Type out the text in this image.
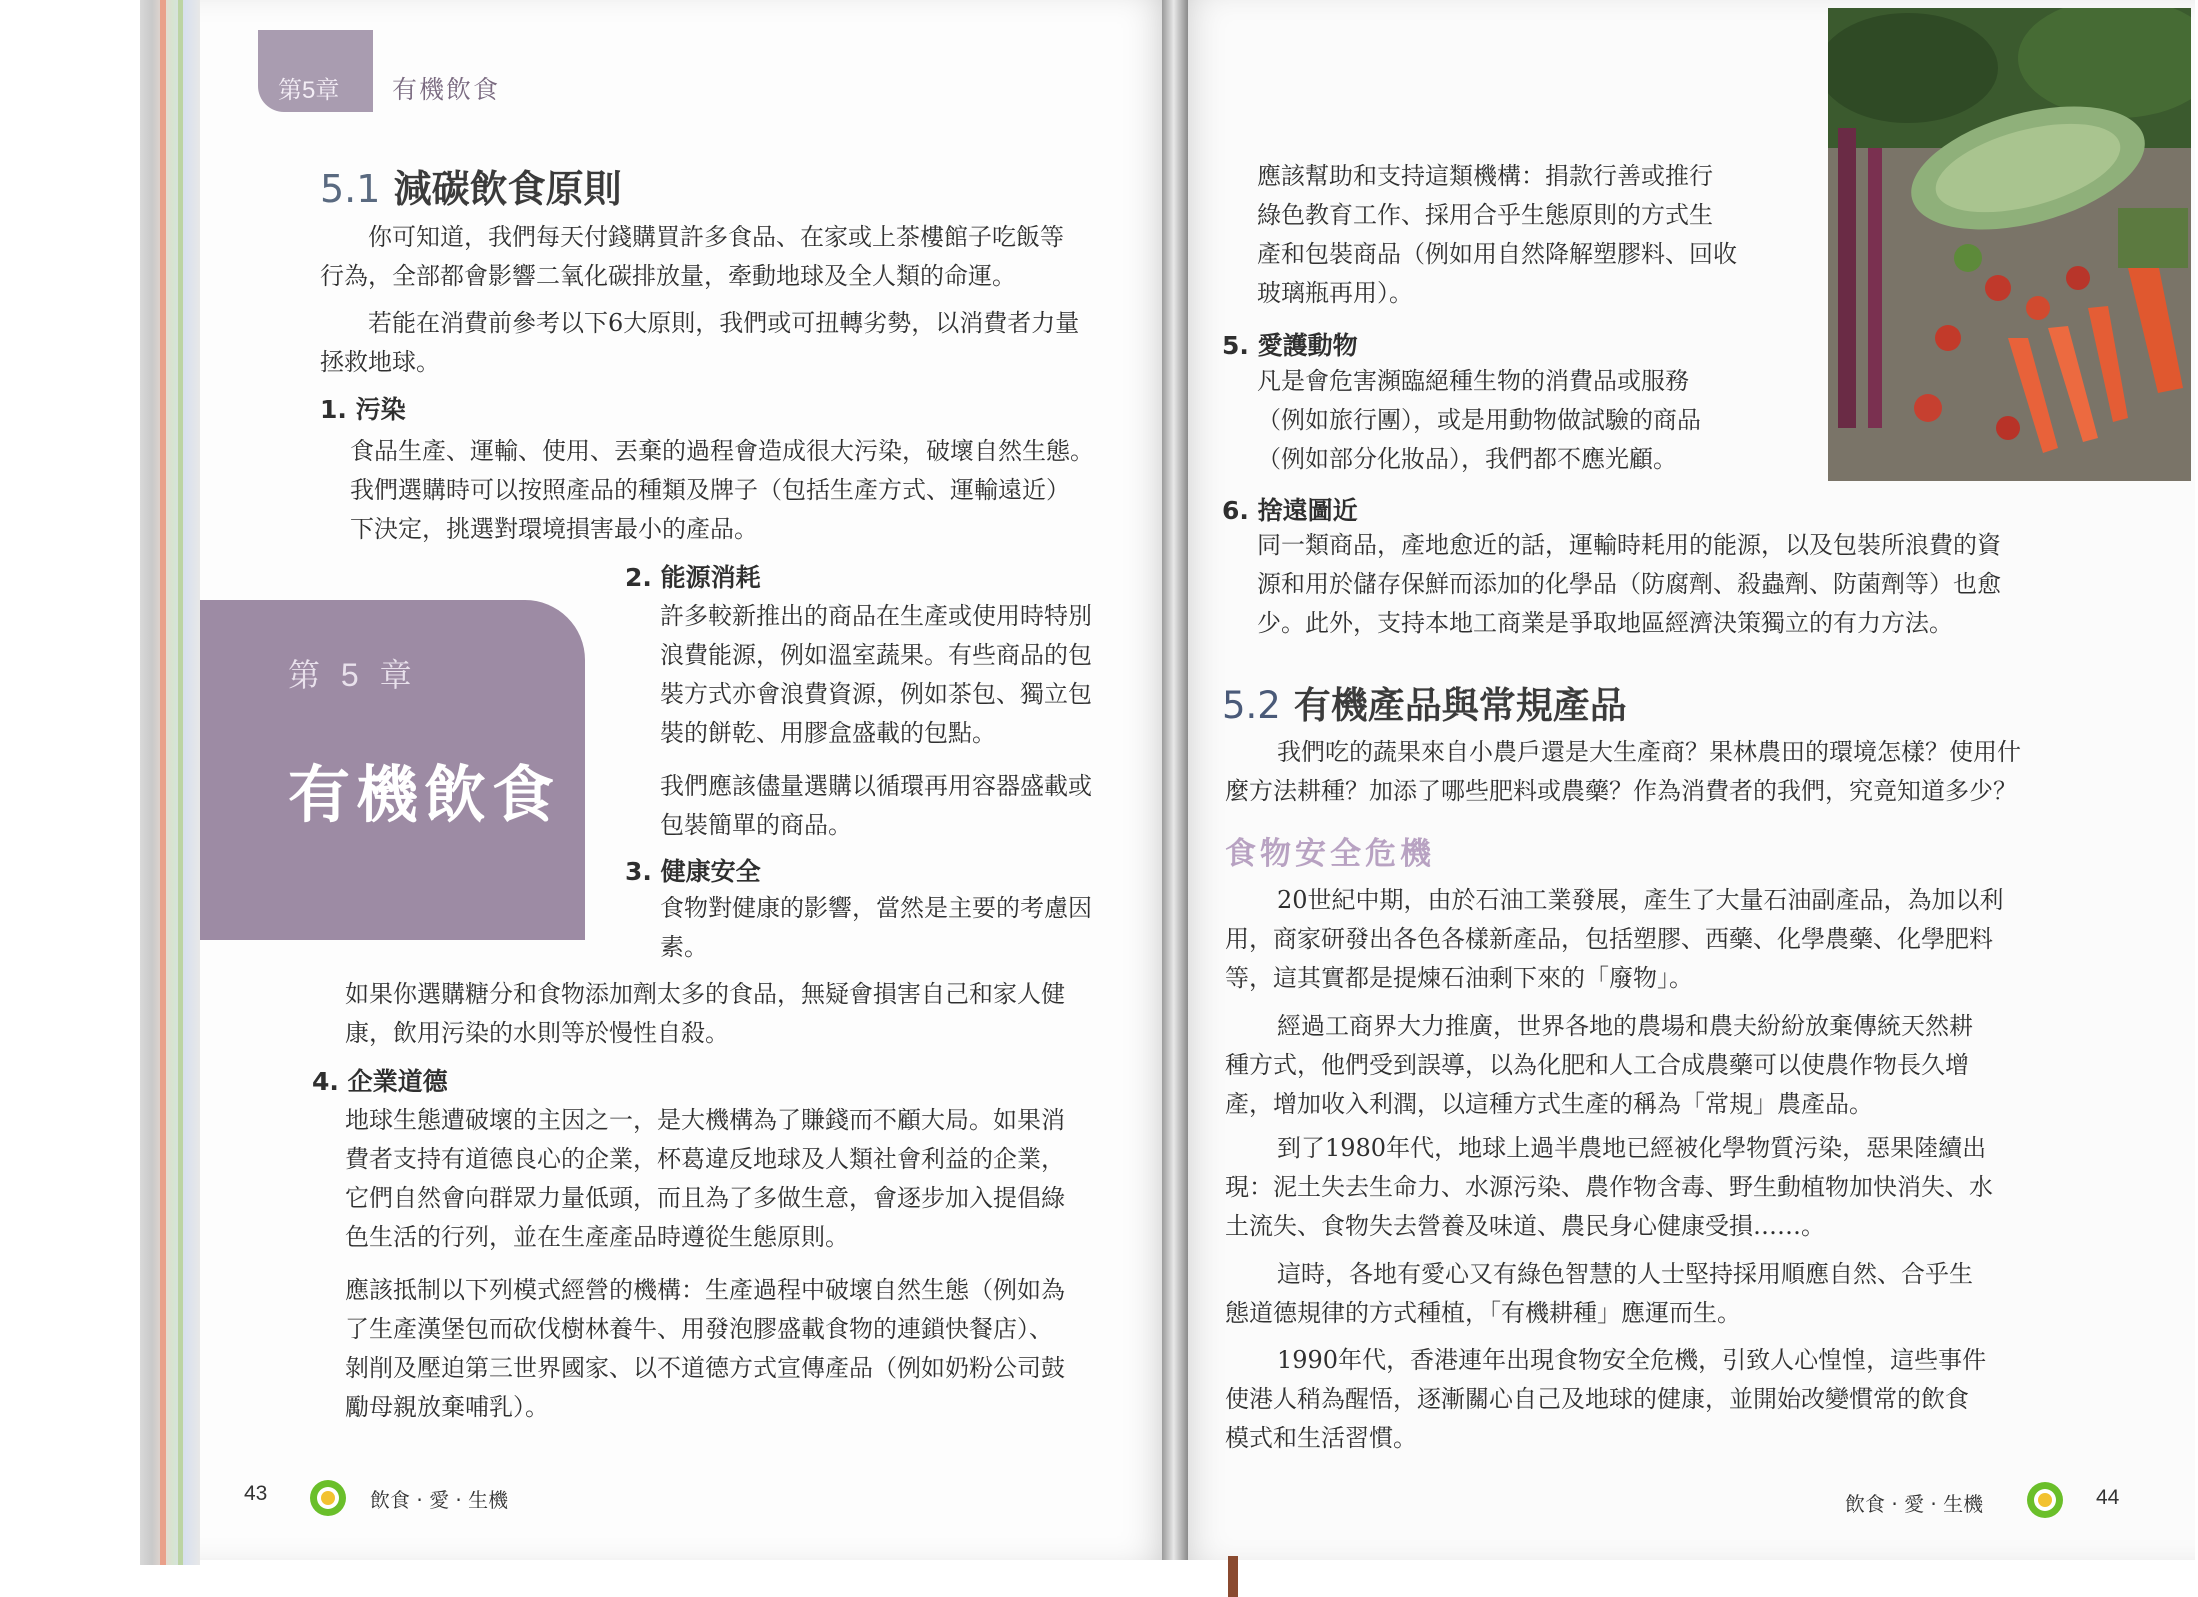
第5章 有機飲食
5.1 減碳飲食原則
你可知道，我們每天付錢購買許多食品、在家或上茶樓館子吃飯等
行為，全部都會影響二氧化碳排放量，牽動地球及全人類的命運。
若能在消費前參考以下6大原則，我們或可扭轉劣勢，以消費者力量
拯救地球。
1. 污染
食品生產、運輸、使用、丟棄的過程會造成很大污染，破壞自然生態。
我們選購時可以按照產品的種類及牌子（包括生產方式、運輸遠近）
下決定，挑選對環境損害最小的產品。
2. 能源消耗
許多較新推出的商品在生產或使用時特別
浪費能源，例如溫室蔬果。有些商品的包
裝方式亦會浪費資源，例如茶包、獨立包
裝的餅乾、用膠盒盛載的包點。
我們應該儘量選購以循環再用容器盛載或
包裝簡單的商品。
第 5 章
有機飲食
3. 健康安全
食物對健康的影響，當然是主要的考慮因
素。
如果你選購糖分和食物添加劑太多的食品，無疑會損害自己和家人健
康，飲用污染的水則等於慢性自殺。
4. 企業道德
地球生態遭破壞的主因之一，是大機構為了賺錢而不顧大局。如果消
費者支持有道德良心的企業，杯葛違反地球及人類社會利益的企業，
它們自然會向群眾力量低頭，而且為了多做生意，會逐步加入提倡綠
色生活的行列，並在生產產品時遵從生態原則。
應該抵制以下列模式經營的機構：生產過程中破壞自然生態（例如為
了生產漢堡包而砍伐樹林養牛、用發泡膠盛載食物的連鎖快餐店）、
剝削及壓迫第三世界國家、以不道德方式宣傳產品（例如奶粉公司鼓
勵母親放棄哺乳）。
43	飲食 · 愛 · 生機
應該幫助和支持這類機構：捐款行善或推行
綠色教育工作、採用合乎生態原則的方式生
產和包裝商品（例如用自然降解塑膠料、回收
玻璃瓶再用）。
5. 愛護動物
凡是會危害瀕臨絕種生物的消費品或服務
（例如旅行團），或是用動物做試驗的商品
（例如部分化妝品），我們都不應光顧。
6. 捨遠圖近
同一類商品，產地愈近的話，運輸時耗用的能源，以及包裝所浪費的資
源和用於儲存保鮮而添加的化學品（防腐劑、殺蟲劑、防菌劑等）也愈
少。此外，支持本地工商業是爭取地區經濟決策獨立的有力方法。
5.2 有機產品與常規產品
我們吃的蔬果來自小農戶還是大生產商？果林農田的環境怎樣？使用什
麼方法耕種？加添了哪些肥料或農藥？作為消費者的我們，究竟知道多少？
食物安全危機
20世紀中期，由於石油工業發展，產生了大量石油副產品，為加以利
用，商家研發出各色各樣新產品，包括塑膠、西藥、化學農藥、化學肥料
等，這其實都是提煉石油剩下來的「廢物」。
經過工商界大力推廣，世界各地的農場和農夫紛紛放棄傳統天然耕
種方式，他們受到誤導，以為化肥和人工合成農藥可以使農作物長久增
產，增加收入利潤，以這種方式生產的稱為「常規」農產品。
到了1980年代，地球上過半農地已經被化學物質污染，惡果陸續出
現：泥土失去生命力、水源污染、農作物含毒、野生動植物加快消失、水
土流失、食物失去營養及味道、農民身心健康受損……。
這時，各地有愛心又有綠色智慧的人士堅持採用順應自然、合乎生
態道德規律的方式種植，「有機耕種」應運而生。
1990年代，香港連年出現食物安全危機，引致人心惶惶，這些事件
使港人稍為醒悟，逐漸關心自己及地球的健康，並開始改變慣常的飲食
模式和生活習慣。
飲食 · 愛 · 生機	44
